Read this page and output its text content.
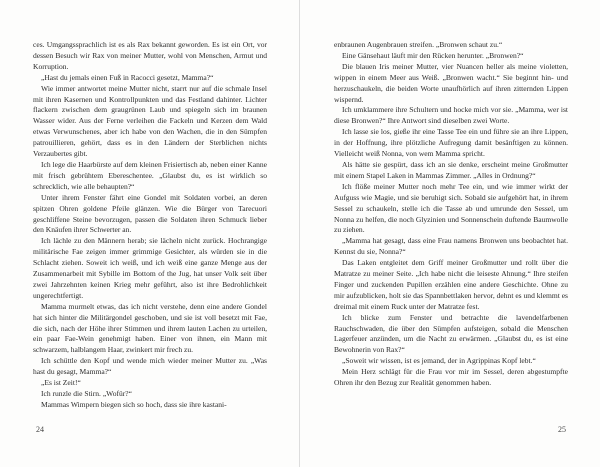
ces. Umgangssprachlich ist es als Rax bekannt geworden. Es ist ein Ort, vor dessen Besuch wir Rax von meiner Mutter, wohl von Menschen, Armut und Korruption.

„Hast du jemals einen Fuß in Racocci gesetzt, Mamma?“

Wie immer antwortet meine Mutter nicht, starrt nur auf die schmale Insel mit ihren Kasernen und Kontrollpunkten und das Festland dahinter. Lichter flackern zwischen dem graugrünen Laub und spiegeln sich im braunen Wasser wider. Aus der Ferne verleihen die Fackeln und Kerzen dem Wald etwas Verwunschenes, aber ich habe von den Wachen, die in den Sümpfen patrouillieren, gehört, dass es in den Ländern der Sterblichen nichts Verzaubertes gibt.

Ich lege die Haarbürste auf dem kleinen Frisiertisch ab, neben einer Kanne mit frisch gebrühtem Ebereschentee. „Glaubst du, es ist wirklich so schrecklich, wie alle behaupten?“

Unter ihrem Fenster fährt eine Gondel mit Soldaten vorbei, an deren spitzen Ohren goldene Pfeile glänzen. Wie die Bürger von Tarecuori geschliffene Steine bevorzugen, passen die Soldaten ihren Schmuck lieber den Knäufen ihrer Schwerter an.

Ich lächle zu den Männern herab; sie lächeln nicht zurück. Hochrangige militärische Fae zeigen immer grimmige Gesichter, als würden sie in die Schlacht ziehen. Soweit ich weiß, und ich weiß eine ganze Menge aus der Zusammenarbeit mit Sybille im Bottom of the Jug, hat unser Volk seit über zwei Jahrzehnten keinen Krieg mehr geführt, also ist ihre Bedrohlichkeit ungerechtfertigt.

Mamma murmelt etwas, das ich nicht verstehe, denn eine andere Gondel hat sich hinter die Militärgondel geschoben, und sie ist voll besetzt mit Fae, die sich, nach der Höhe ihrer Stimmen und ihrem lauten Lachen zu urteilen, ein paar Fae-Wein genehmigt haben. Einer von ihnen, ein Mann mit schwarzem, halblangem Haar, zwinkert mir frech zu.

Ich schüttle den Kopf und wende mich wieder meiner Mutter zu. „Was hast du gesagt, Mamma?“

„Es ist Zeit!“

Ich runzle die Stirn. „Wofür?“

Mammas Wimpern biegen sich so hoch, dass sie ihre kastani-

24

enbraunen Augenbrauen streifen. „Bronwen schaut zu.“

Eine Gänsehaut läuft mir den Rücken herunter. „Bronwen?“

Die blauen Iris meiner Mutter, vier Nuancen heller als meine violetten, wippen in einem Meer aus Weiß. „Bronwen wacht.“ Sie beginnt hin- und herzuschaukeln, die beiden Worte unaufhörlich auf ihren zitternden Lippen wispernd.

Ich umklammere ihre Schultern und hocke mich vor sie. „Mamma, wer ist diese Bronwen?“ Ihre Antwort sind dieselben zwei Worte.

Ich lasse sie los, gieße ihr eine Tasse Tee ein und führe sie an ihre Lippen, in der Hoffnung, ihre plötzliche Aufregung damit besänftigen zu können. Vielleicht weiß Nonna, von wem Mamma spricht.

Als hätte sie gespürt, dass ich an sie denke, erscheint meine Großmutter mit einem Stapel Laken in Mammas Zimmer. „Alles in Ordnung?“

Ich flöße meiner Mutter noch mehr Tee ein, und wie immer wirkt der Aufguss wie Magie, und sie beruhigt sich. Sobald sie aufgehört hat, in ihrem Sessel zu schaukeln, stelle ich die Tasse ab und umrunde den Sessel, um Nonna zu helfen, die noch Glyzinien und Sonnenschein duftende Baumwolle zu ziehen.

„Mamma hat gesagt, dass eine Frau namens Bronwen uns beobachtet hat. Kennst du sie, Nonna?“

Das Laken entgleitet dem Griff meiner Großmutter und rollt über die Matratze zu meiner Seite. „Ich habe nicht die leiseste Ahnung.“ Ihre steifen Finger und zuckenden Pupillen erzählen eine andere Geschichte. Ohne zu mir aufzublicken, holt sie das Spannbettlaken hervor, dehnt es und klemmt es dreimal mit einem Ruck unter der Matratze fest.

Ich blicke zum Fenster und betrachte die lavendelfarbenen Rauchschwaden, die über den Sümpfen aufsteigen, sobald die Menschen Lagerfeuer anzünden, um die Nacht zu erwärmen. „Glaubst du, es ist eine Bewohnerin von Rax?“

„Soweit wir wissen, ist es jemand, der in Agrippinas Kopf lebt.“

Mein Herz schlägt für die Frau vor mir im Sessel, deren abgestumpfte Ohren ihr den Bezug zur Realität genommen haben.

25
